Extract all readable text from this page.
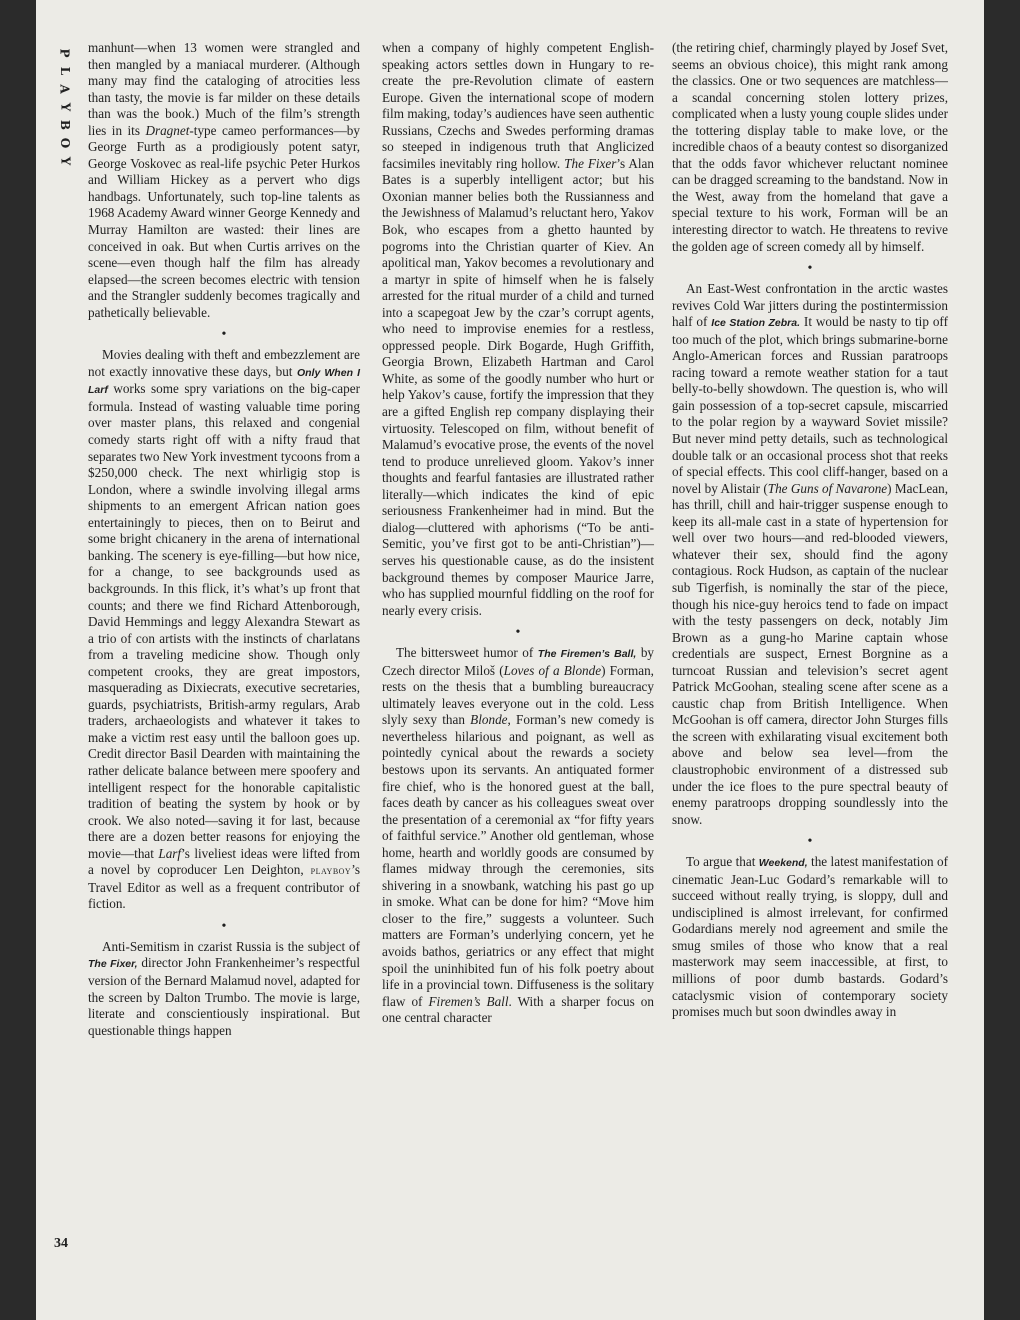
P
L
A
Y
B
O
Y
34

manhunt—when 13 women were strangled and then mangled by a maniacal murderer. (Although many may find the cataloging of atrocities less than tasty, the movie is far milder on these details than was the book.) Much of the film’s strength lies in its Dragnet-type cameo performances—by George Furth as a prodigiously potent satyr, George Voskovec as real-life psychic Peter Hurkos and William Hickey as a pervert who digs handbags. Unfortunately, such top-line talents as 1968 Academy Award winner George Kennedy and Murray Hamilton are wasted: their lines are conceived in oak. But when Curtis arrives on the scene—even though half the film has already elapsed—the screen becomes electric with tension and the Strangler suddenly becomes tragically and pathetically believable.

•

Movies dealing with theft and embezzlement are not exactly innovative these days, but Only When I Larf works some spry variations on the big-caper formula. Instead of wasting valuable time poring over master plans, this relaxed and congenial comedy starts right off with a nifty fraud that separates two New York investment tycoons from a $250,000 check. The next whirligig stop is London, where a swindle involving illegal arms shipments to an emergent African nation goes entertainingly to pieces, then on to Beirut and some bright chicanery in the arena of international banking. The scenery is eye-filling—but how nice, for a change, to see backgrounds used as backgrounds. In this flick, it’s what’s up front that counts; and there we find Richard Attenborough, David Hemmings and leggy Alexandra Stewart as a trio of con artists with the instincts of charlatans from a traveling medicine show. Though only competent crooks, they are great impostors, masquerading as Dixiecrats, executive secretaries, guards, psychiatrists, British-army regulars, Arab traders, archaeologists and whatever it takes to make a victim rest easy until the balloon goes up. Credit director Basil Dearden with maintaining the rather delicate balance between mere spoofery and intelligent respect for the honorable capitalistic tradition of beating the system by hook or by crook. We also noted—saving it for last, because there are a dozen better reasons for enjoying the movie—that Larf’s liveliest ideas were lifted from a novel by coproducer Len Deighton, playboy’s Travel Editor as well as a frequent contributor of fiction.

•

Anti-Semitism in czarist Russia is the subject of The Fixer, director John Frankenheimer’s respectful version of the Bernard Malamud novel, adapted for the screen by Dalton Trumbo. The movie is large, literate and conscientiously inspirational. But questionable things happen

when a company of highly competent English-speaking actors settles down in Hungary to re-create the pre-Revolution climate of eastern Europe. Given the international scope of modern film making, today’s audiences have seen authentic Russians, Czechs and Swedes performing dramas so steeped in indigenous truth that Anglicized facsimiles inevitably ring hollow. The Fixer’s Alan Bates is a superbly intelligent actor; but his Oxonian manner belies both the Russianness and the Jewishness of Malamud’s reluctant hero, Yakov Bok, who escapes from a ghetto haunted by pogroms into the Christian quarter of Kiev. An apolitical man, Yakov becomes a revolutionary and a martyr in spite of himself when he is falsely arrested for the ritual murder of a child and turned into a scapegoat Jew by the czar’s corrupt agents, who need to improvise enemies for a restless, oppressed people. Dirk Bogarde, Hugh Griffith, Georgia Brown, Elizabeth Hartman and Carol White, as some of the goodly number who hurt or help Yakov’s cause, fortify the impression that they are a gifted English rep company displaying their virtuosity. Telescoped on film, without benefit of Malamud’s evocative prose, the events of the novel tend to produce unrelieved gloom. Yakov’s inner thoughts and fearful fantasies are illustrated rather literally—which indicates the kind of epic seriousness Frankenheimer had in mind. But the dialog—cluttered with aphorisms (“To be anti-Semitic, you’ve first got to be anti-Christian”)—serves his questionable cause, as do the insistent background themes by composer Maurice Jarre, who has supplied mournful fiddling on the roof for nearly every crisis.

•

The bittersweet humor of The Firemen’s Ball, by Czech director Miloš (Loves of a Blonde) Forman, rests on the thesis that a bumbling bureaucracy ultimately leaves everyone out in the cold. Less slyly sexy than Blonde, Forman’s new comedy is nevertheless hilarious and poignant, as well as pointedly cynical about the rewards a society bestows upon its servants. An antiquated former fire chief, who is the honored guest at the ball, faces death by cancer as his colleagues sweat over the presentation of a ceremonial ax “for fifty years of faithful service.” Another old gentleman, whose home, hearth and worldly goods are consumed by flames midway through the ceremonies, sits shivering in a snowbank, watching his past go up in smoke. What can be done for him? “Move him closer to the fire,” suggests a volunteer. Such matters are Forman’s underlying concern, yet he avoids bathos, geriatrics or any effect that might spoil the uninhibited fun of his folk poetry about life in a provincial town. Diffuseness is the solitary flaw of Firemen’s Ball. With a sharper focus on one central character

(the retiring chief, charmingly played by Josef Svet, seems an obvious choice), this might rank among the classics. One or two sequences are matchless—a scandal concerning stolen lottery prizes, complicated when a lusty young couple slides under the tottering display table to make love, or the incredible chaos of a beauty contest so disorganized that the odds favor whichever reluctant nominee can be dragged screaming to the bandstand. Now in the West, away from the homeland that gave a special texture to his work, Forman will be an interesting director to watch. He threatens to revive the golden age of screen comedy all by himself.

•

An East-West confrontation in the arctic wastes revives Cold War jitters during the postintermission half of Ice Station Zebra. It would be nasty to tip off too much of the plot, which brings submarine-borne Anglo-American forces and Russian paratroops racing toward a remote weather station for a taut belly-to-belly showdown. The question is, who will gain possession of a top-secret capsule, miscarried to the polar region by a wayward Soviet missile? But never mind petty details, such as technological double talk or an occasional process shot that reeks of special effects. This cool cliff-hanger, based on a novel by Alistair (The Guns of Navarone) MacLean, has thrill, chill and hair-trigger suspense enough to keep its all-male cast in a state of hypertension for well over two hours—and red-blooded viewers, whatever their sex, should find the agony contagious. Rock Hudson, as captain of the nuclear sub Tigerfish, is nominally the star of the piece, though his nice-guy heroics tend to fade on impact with the testy passengers on deck, notably Jim Brown as a gung-ho Marine captain whose credentials are suspect, Ernest Borgnine as a turncoat Russian and television’s secret agent Patrick McGoohan, stealing scene after scene as a caustic chap from British Intelligence. When McGoohan is off camera, director John Sturges fills the screen with exhilarating visual excitement both above and below sea level—from the claustrophobic environment of a distressed sub under the ice floes to the pure spectral beauty of enemy paratroops dropping soundlessly into the snow.

•

To argue that Weekend, the latest manifestation of cinematic Jean-Luc Godard’s remarkable will to succeed without really trying, is sloppy, dull and undisciplined is almost irrelevant, for confirmed Godardians merely nod agreement and smile the smug smiles of those who know that a real masterwork may seem inaccessible, at first, to millions of poor dumb bastards. Godard’s cataclysmic vision of contemporary society promises much but soon dwindles away in
